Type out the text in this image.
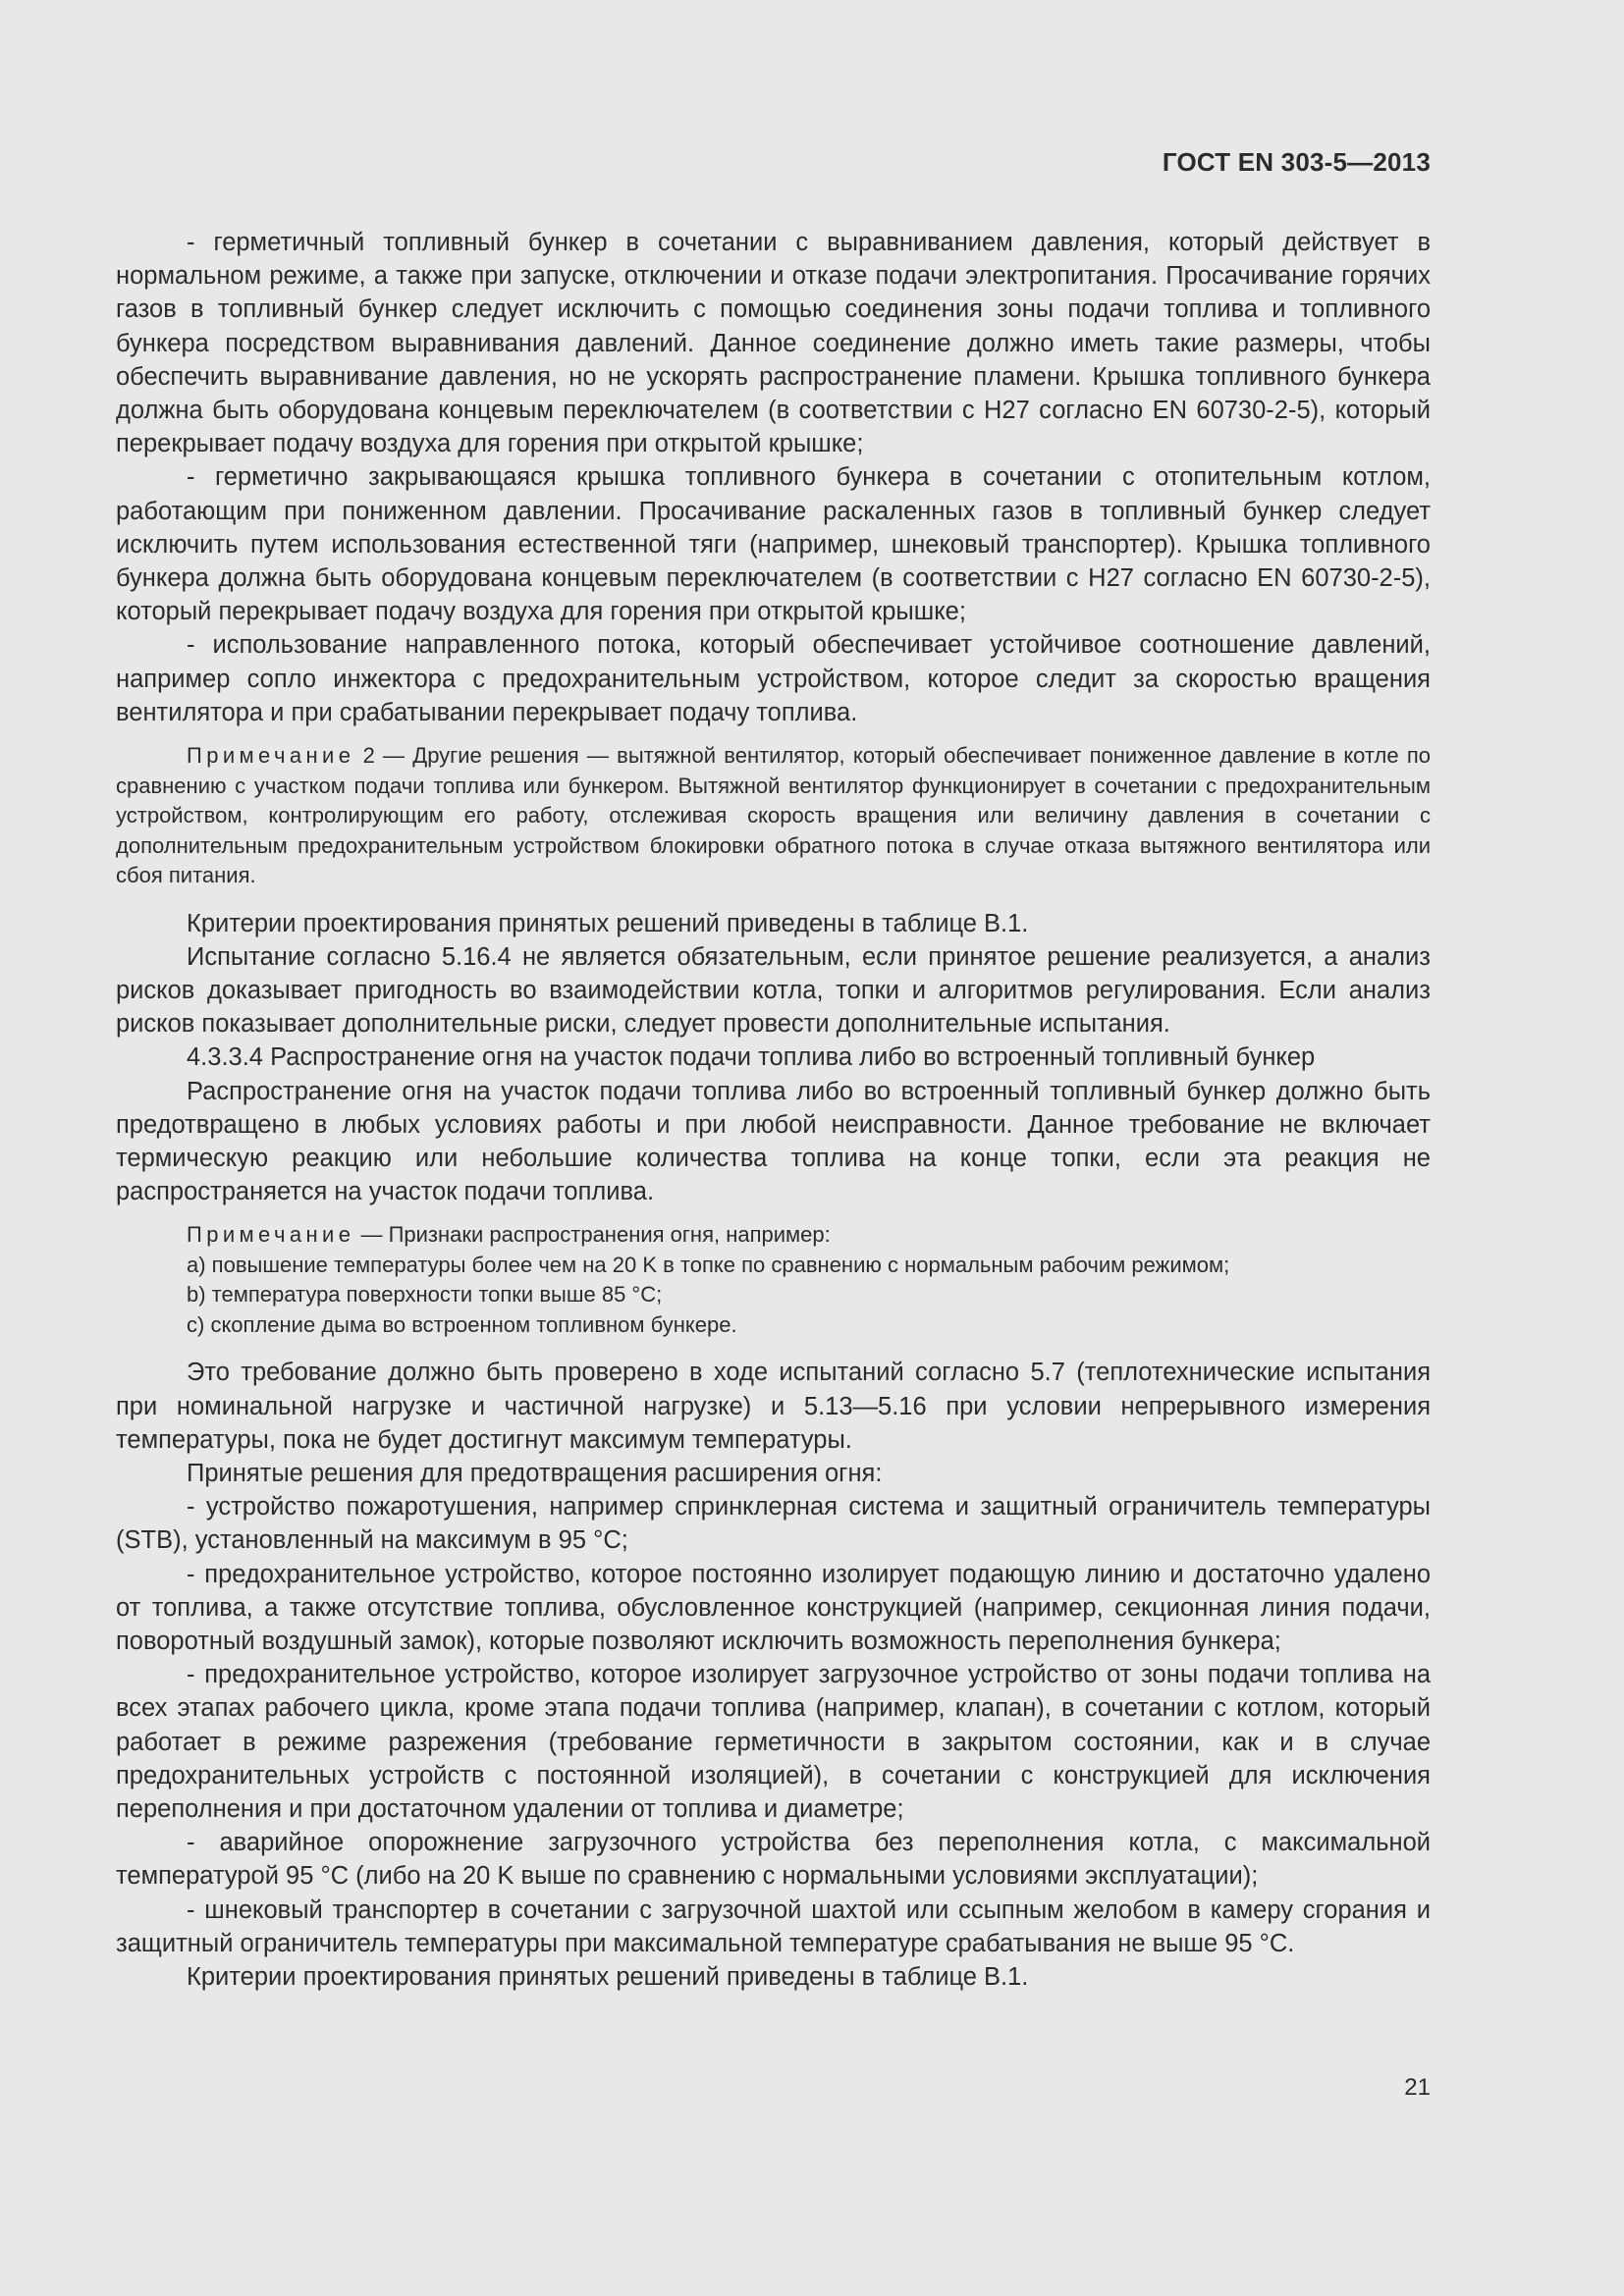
ГОСТ EN 303-5—2013

- герметичный топливный бункер в сочетании с выравниванием давления, который действует в нормальном режиме, а также при запуске, отключении и отказе подачи электропитания. Просачивание горячих газов в топливный бункер следует исключить с помощью соединения зоны подачи топлива и топливного бункера посредством выравнивания давлений. Данное соединение должно иметь такие размеры, чтобы обеспечить выравнивание давления, но не ускорять распространение пламени. Крышка топливного бункера должна быть оборудована концевым переключателем (в соответствии с H27 согласно EN 60730-2-5), который перекрывает подачу воздуха для горения при открытой крышке;

- герметично закрывающаяся крышка топливного бункера в сочетании с отопительным котлом, работающим при пониженном давлении. Просачивание раскаленных газов в топливный бункер следует исключить путем использования естественной тяги (например, шнековый транспортер). Крышка топливного бункера должна быть оборудована концевым переключателем (в соответствии с H27 согласно EN 60730-2-5), который перекрывает подачу воздуха для горения при открытой крышке;

- использование направленного потока, который обеспечивает устойчивое соотношение давлений, например сопло инжектора с предохранительным устройством, которое следит за скоростью вращения вентилятора и при срабатывании перекрывает подачу топлива.

Примечание 2 — Другие решения — вытяжной вентилятор, который обеспечивает пониженное давление в котле по сравнению с участком подачи топлива или бункером. Вытяжной вентилятор функционирует в сочетании с предохранительным устройством, контролирующим его работу, отслеживая скорость вращения или величину давления в сочетании с дополнительным предохранительным устройством блокировки обратного потока в случае отказа вытяжного вентилятора или сбоя питания.

Критерии проектирования принятых решений приведены в таблице B.1.

Испытание согласно 5.16.4 не является обязательным, если принятое решение реализуется, а анализ рисков доказывает пригодность во взаимодействии котла, топки и алгоритмов регулирования. Если анализ рисков показывает дополнительные риски, следует провести дополнительные испытания.

4.3.3.4 Распространение огня на участок подачи топлива либо во встроенный топливный бункер

Распространение огня на участок подачи топлива либо во встроенный топливный бункер должно быть предотвращено в любых условиях работы и при любой неисправности. Данное требование не включает термическую реакцию или небольшие количества топлива на конце топки, если эта реакция не распространяется на участок подачи топлива.

Примечание — Признаки распространения огня, например:

a) повышение температуры более чем на 20 K в топке по сравнению с нормальным рабочим режимом;

b) температура поверхности топки выше 85 °C;

c) скопление дыма во встроенном топливном бункере.

Это требование должно быть проверено в ходе испытаний согласно 5.7 (теплотехнические испытания при номинальной нагрузке и частичной нагрузке) и 5.13—5.16 при условии непрерывного измерения температуры, пока не будет достигнут максимум температуры.

Принятые решения для предотвращения расширения огня:

- устройство пожаротушения, например спринклерная система и защитный ограничитель температуры (STB), установленный на максимум в 95 °C;

- предохранительное устройство, которое постоянно изолирует подающую линию и достаточно удалено от топлива, а также отсутствие топлива, обусловленное конструкцией (например, секционная линия подачи, поворотный воздушный замок), которые позволяют исключить возможность переполнения бункера;

- предохранительное устройство, которое изолирует загрузочное устройство от зоны подачи топлива на всех этапах рабочего цикла, кроме этапа подачи топлива (например, клапан), в сочетании с котлом, который работает в режиме разрежения (требование герметичности в закрытом состоянии, как и в случае предохранительных устройств с постоянной изоляцией), в сочетании с конструкцией для исключения переполнения и при достаточном удалении от топлива и диаметре;

- аварийное опорожнение загрузочного устройства без переполнения котла, с максимальной температурой 95 °C (либо на 20 K выше по сравнению с нормальными условиями эксплуатации);

- шнековый транспортер в сочетании с загрузочной шахтой или ссыпным желобом в камеру сгорания и защитный ограничитель температуры при максимальной температуре срабатывания не выше 95 °C.

Критерии проектирования принятых решений приведены в таблице B.1.

21
